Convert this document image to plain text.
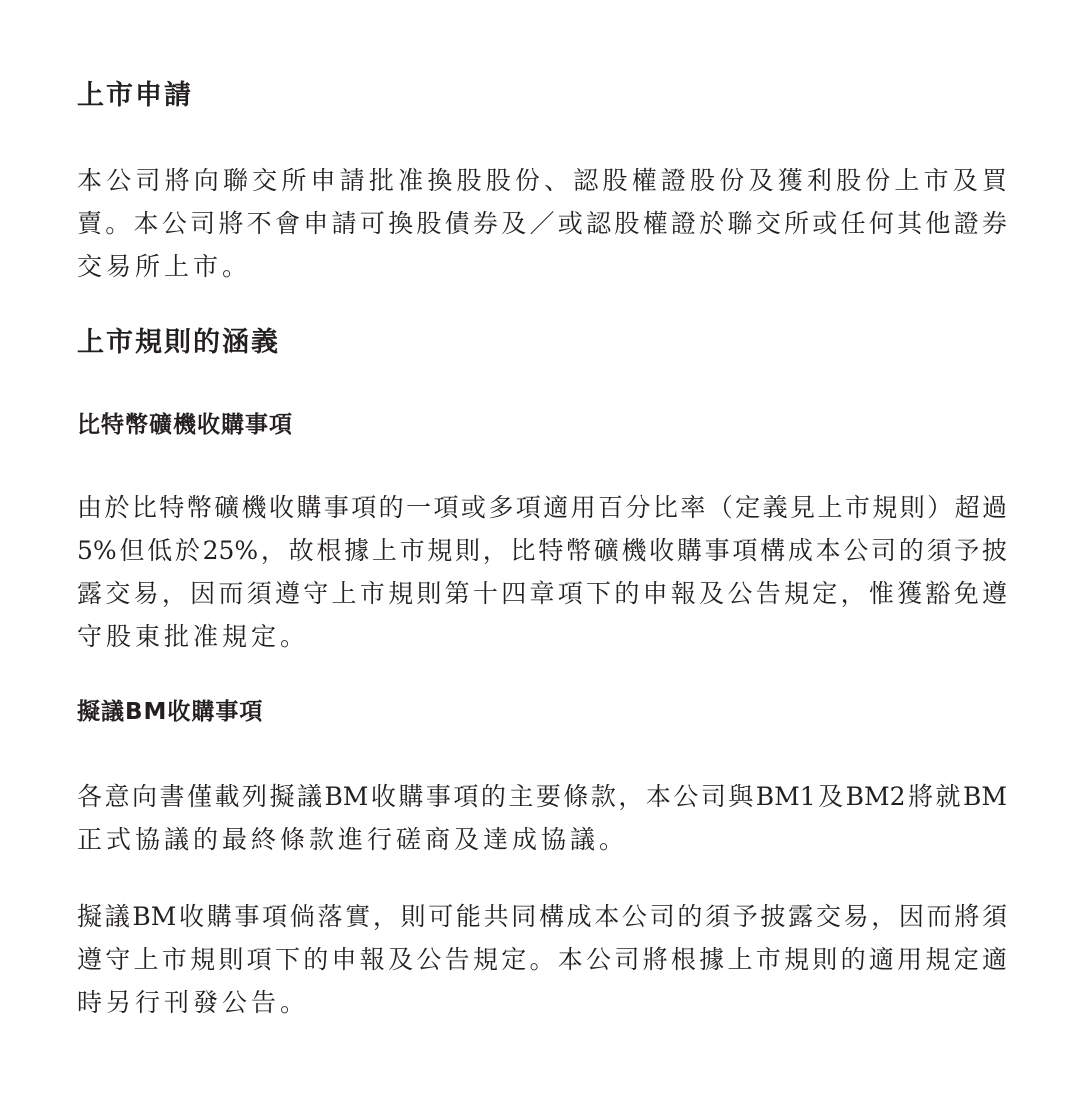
上市申請

本公司將向聯交所申請批准換股股份、認股權證股份及獲利股份上市及買
賣。本公司將不會申請可換股債券及／或認股權證於聯交所或任何其他證券
交易所上市。

上市規則的涵義
比特幣礦機收購事項

由於比特幣礦機收購事項的一項或多項適用百分比率（定義見上市規則）超過
5%但低於25%，故根據上市規則，比特幣礦機收購事項構成本公司的須予披
露交易，因而須遵守上市規則第十四章項下的申報及公告規定，惟獲豁免遵
守股東批准規定。

擬議BM收購事項

各意向書僅載列擬議BM收購事項的主要條款，本公司與BM1及BM2將就BM
正式協議的最終條款進行磋商及達成協議。

擬議BM收購事項倘落實，則可能共同構成本公司的須予披露交易，因而將須
遵守上市規則項下的申報及公告規定。本公司將根據上市規則的適用規定適
時另行刊發公告。
